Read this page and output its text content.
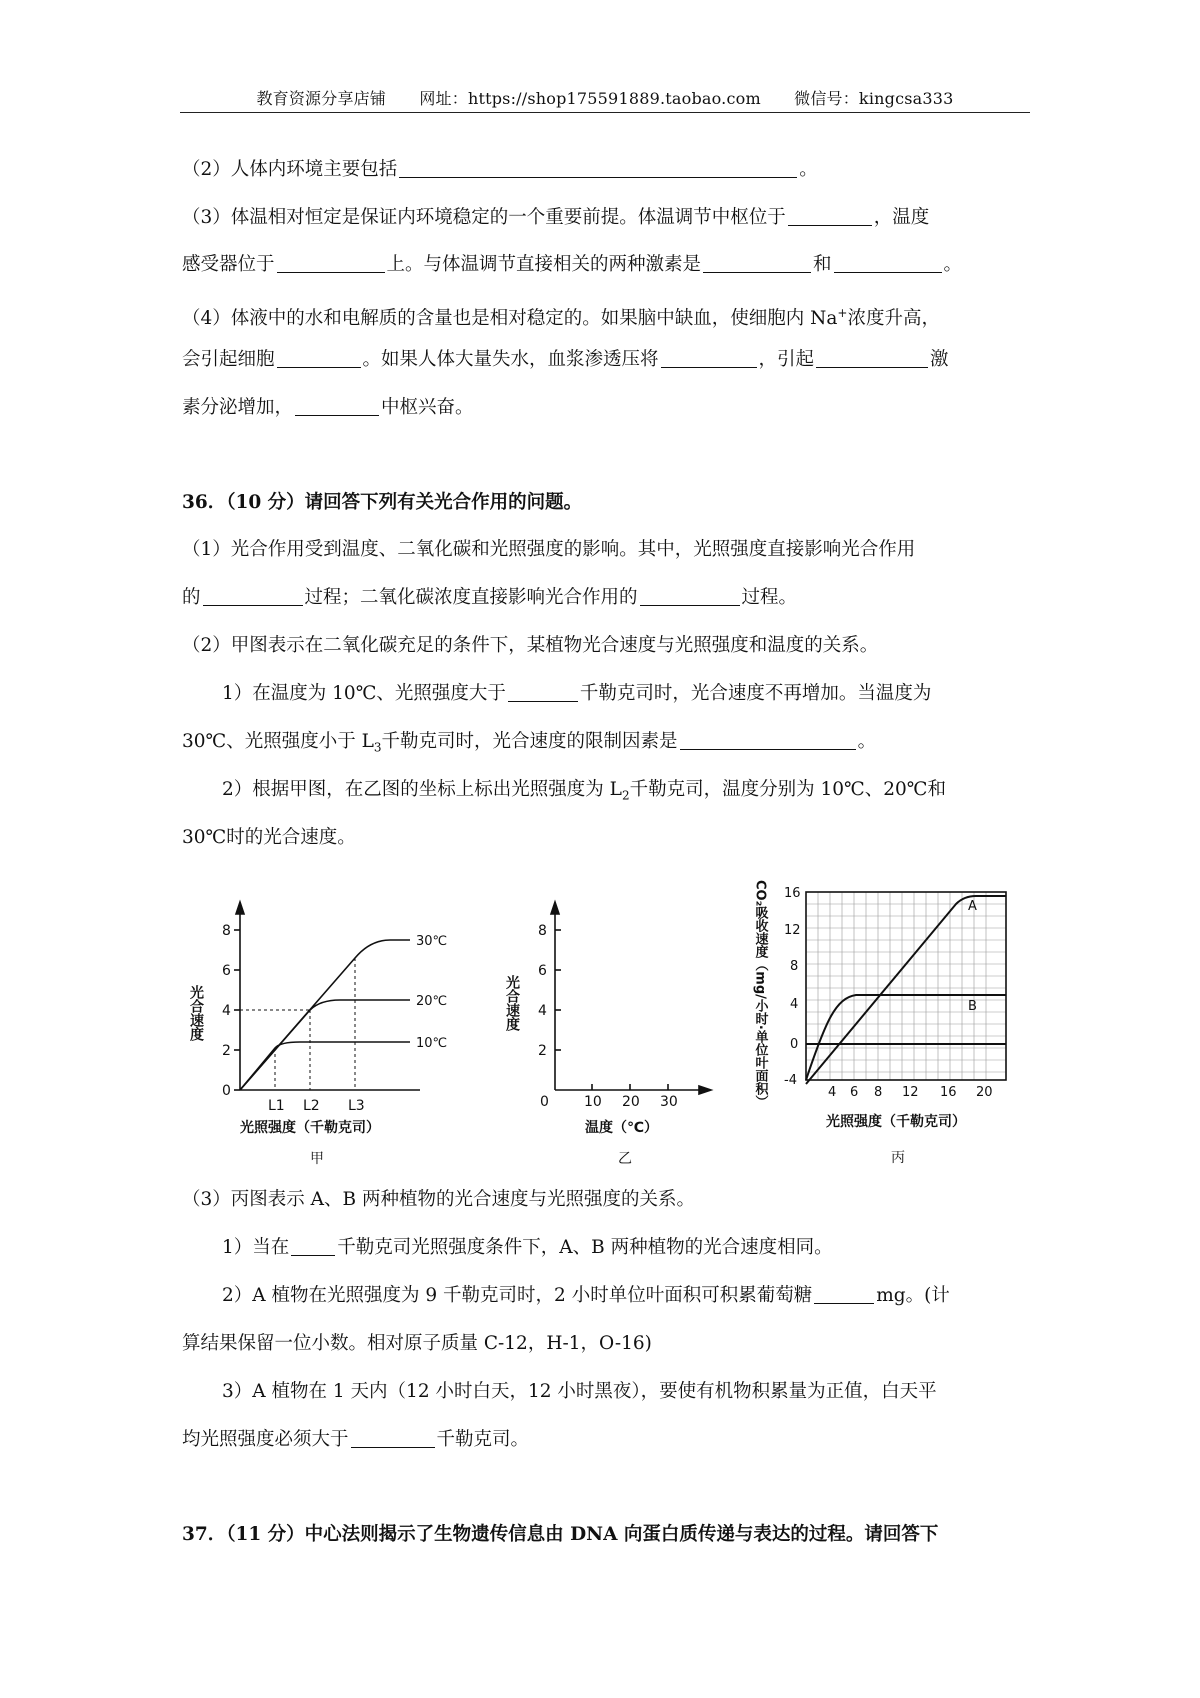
教育资源分享店铺 网址：https://shop175591889.taobao.com 微信号：kingcsa333
（2）人体内环境主要包括	。
（3）体温相对恒定是保证内环境稳定的一个重要前提。体温调节中枢位于	，温度
感受器位于	上。与体温调节直接相关的两种激素是	和	。
（4）体液中的水和电解质的含量也是相对稳定的。如果脑中缺血，使细胞内 Na+浓度升高，
会引起细胞	。如果人体大量失水，血浆渗透压将	，引起	激
素分泌增加，	中枢兴奋。
36．（10 分）请回答下列有关光合作用的问题。
（1）光合作用受到温度、二氧化碳和光照强度的影响。其中，光照强度直接影响光合作用
的	过程；二氧化碳浓度直接影响光合作用的	过程。
（2）甲图表示在二氧化碳充足的条件下，某植物光合速度与光照强度和温度的关系。
1）在温度为 10℃、光照强度大于	千勒克司时，光合速度不再增加。当温度为
30℃、光照强度小于 $L_3$千勒克司时，光合速度的限制因素是	。
2）根据甲图，在乙图的坐标上标出光照强度为 $L_2$千勒克司，温度分别为 10℃、20℃和
30℃时的光合速度。
0
2
4
6
8
L1 L2 L3
30℃
20℃
10℃
光照强度（千勒克司）
甲
光合速度
2
4
6
8
0	10 20 30
温度（℃）
乙
光合速度
16
12
8
4
0
-4
4 6 8 12 16 20
A
B
光照强度（千勒克司）
丙
CO₂吸收速度（mg/小时·单位叶面积）
（3）丙图表示 A、B 两种植物的光合速度与光照强度的关系。
1）当在	千勒克司光照强度条件下，A、B 两种植物的光合速度相同。
2）A 植物在光照强度为 9 千勒克司时，2 小时单位叶面积可积累葡萄糖	mg。(计
算结果保留一位小数。相对原子质量 C-12，H-1，O-16)
3）A 植物在 1 天内（12 小时白天，12 小时黑夜），要使有机物积累量为正值，白天平
均光照强度必须大于	千勒克司。
37．（11 分）中心法则揭示了生物遗传信息由 DNA 向蛋白质传递与表达的过程。请回答下
